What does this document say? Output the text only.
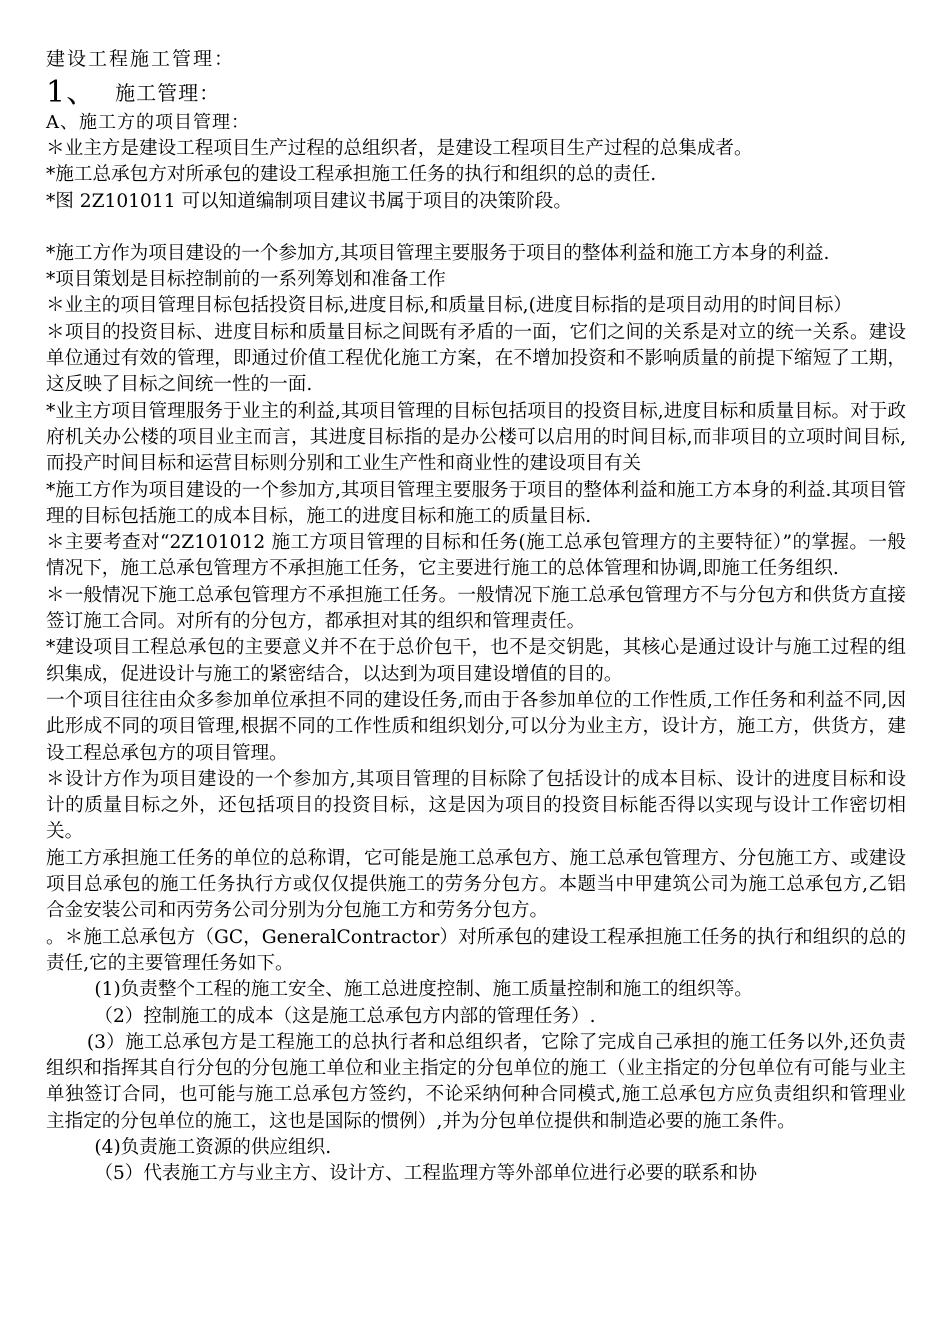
建设工程施工管理：
1、 施工管理：
A、施工方的项目管理：

＊业主方是建设工程项目生产过程的总组织者，是建设工程项目生产过程的总集成者。

*施工总承包方对所承包的建设工程承担施工任务的执行和组织的总的责任.

*图 2Z101011 可以知道编制项目建议书属于项目的决策阶段。

*施工方作为项目建设的一个参加方,其项目管理主要服务于项目的整体利益和施工方本身的利益.

*项目策划是目标控制前的一系列筹划和准备工作

＊业主的项目管理目标包括投资目标,进度目标,和质量目标,(进度目标指的是项目动用的时间目标）

＊项目的投资目标、进度目标和质量目标之间既有矛盾的一面，它们之间的关系是对立的统一关系。建设单位通过有效的管理，即通过价值工程优化施工方案，在不增加投资和不影响质量的前提下缩短了工期，这反映了目标之间统一性的一面.

*业主方项目管理服务于业主的利益,其项目管理的目标包括项目的投资目标,进度目标和质量目标。对于政府机关办公楼的项目业主而言，其进度目标指的是办公楼可以启用的时间目标,而非项目的立项时间目标,而投产时间目标和运营目标则分别和工业生产性和商业性的建设项目有关

*施工方作为项目建设的一个参加方,其项目管理主要服务于项目的整体利益和施工方本身的利益.其项目管理的目标包括施工的成本目标，施工的进度目标和施工的质量目标.

＊主要考查对“2Z101012 施工方项目管理的目标和任务(施工总承包管理方的主要特征）”的掌握。一般情况下，施工总承包管理方不承担施工任务，它主要进行施工的总体管理和协调,即施工任务组织.

＊一般情况下施工总承包管理方不承担施工任务。一般情况下施工总承包管理方不与分包方和供货方直接签订施工合同。对所有的分包方，都承担对其的组织和管理责任。

*建设项目工程总承包的主要意义并不在于总价包干，也不是交钥匙，其核心是通过设计与施工过程的组织集成，促进设计与施工的紧密结合，以达到为项目建设增值的目的。

一个项目往往由众多参加单位承担不同的建设任务,而由于各参加单位的工作性质,工作任务和利益不同,因此形成不同的项目管理,根据不同的工作性质和组织划分,可以分为业主方，设计方，施工方，供货方，建设工程总承包方的项目管理。

＊设计方作为项目建设的一个参加方,其项目管理的目标除了包括设计的成本目标、设计的进度目标和设计的质量目标之外，还包括项目的投资目标，这是因为项目的投资目标能否得以实现与设计工作密切相关。

施工方承担施工任务的单位的总称谓，它可能是施工总承包方、施工总承包管理方、分包施工方、或建设项目总承包的施工任务执行方或仅仅提供施工的劳务分包方。本题当中甲建筑公司为施工总承包方,乙铝合金安装公司和丙劳务公司分别为分包施工方和劳务分包方。

。＊施工总承包方（GC，GeneralContractor）对所承包的建设工程承担施工任务的执行和组织的总的责任,它的主要管理任务如下。

(1)负责整个工程的施工安全、施工总进度控制、施工质量控制和施工的组织等。

（2）控制施工的成本（这是施工总承包方内部的管理任务）.

(3）施工总承包方是工程施工的总执行者和总组织者，它除了完成自己承担的施工任务以外,还负责组织和指挥其自行分包的分包施工单位和业主指定的分包单位的施工（业主指定的分包单位有可能与业主单独签订合同，也可能与施工总承包方签约，不论采纳何种合同模式,施工总承包方应负责组织和管理业主指定的分包单位的施工，这也是国际的惯例）,并为分包单位提供和制造必要的施工条件。

(4)负责施工资源的供应组织.

（5）代表施工方与业主方、设计方、工程监理方等外部单位进行必要的联系和协
